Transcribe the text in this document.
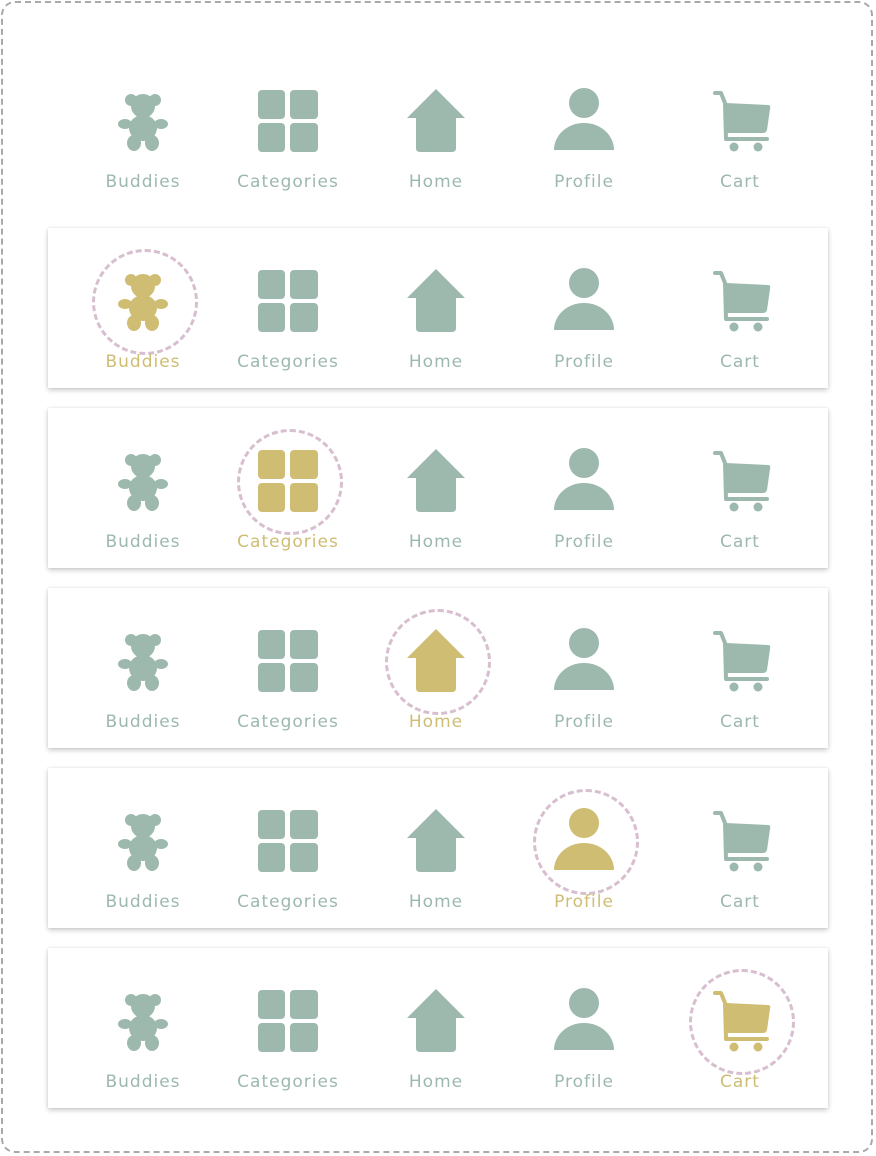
Buddies	Categories	Home	Profile	Cart
Buddies	Categories	Home	Profile	Cart
Buddies	Categories	Home	Profile	Cart
Buddies	Categories	Home	Profile	Cart
Buddies	Categories	Home	Profile	Cart
Buddies	Categories	Home	Profile	Cart
